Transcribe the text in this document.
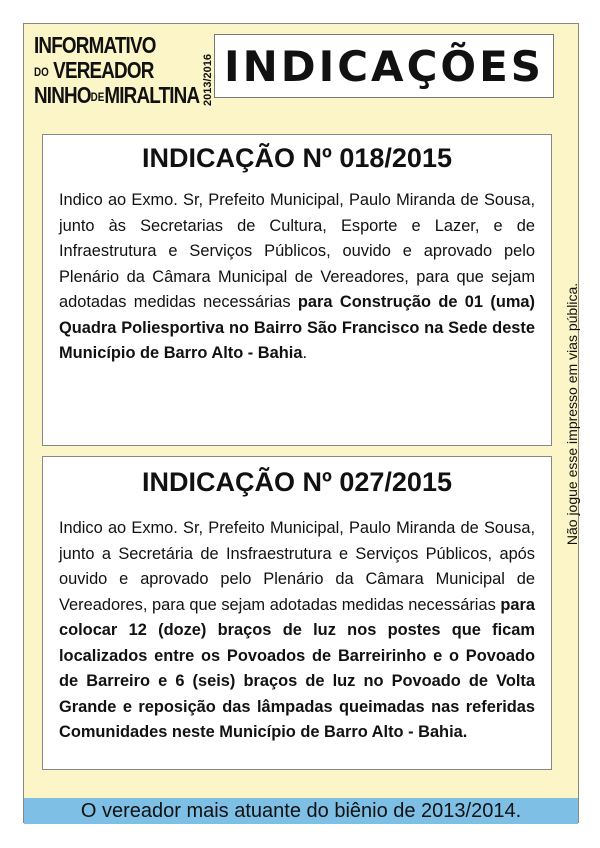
INFORMATIVO
DO VEREADOR
NINHODEMIRALTINA 2013/2016 INDICAÇÕES
INDICAÇÃO Nº 018/2015

Indico ao Exmo. Sr, Prefeito Municipal, Paulo Miranda de Sousa, junto às Secretarias de Cultura, Esporte e Lazer, e de Infraestrutura e Serviços Públicos, ouvido e aprovado pelo Plenário da Câmara Municipal de Vereadores, para que sejam adotadas medidas necessárias para Construção de 01 (uma) Quadra Poliesportiva no Bairro São Francisco na Sede deste Município de Barro Alto - Bahia.

INDICAÇÃO Nº 027/2015

Indico ao Exmo. Sr, Prefeito Municipal, Paulo Miranda de Sousa, junto a Secretária de Insfraestrutura e Serviços Públicos, após ouvido e aprovado pelo Plenário da Câmara Municipal de Vereadores, para que sejam adotadas medidas necessárias para colocar 12 (doze) braços de luz nos postes que ficam localizados entre os Povoados de Barreirinho e o Povoado de Barreiro e 6 (seis) braços de luz no Povoado de Volta Grande e reposição das lâmpadas queimadas nas referidas Comunidades neste Município de Barro Alto - Bahia.

Não jogue esse impresso em vias pública.
O vereador mais atuante do biênio de 2013/2014.
